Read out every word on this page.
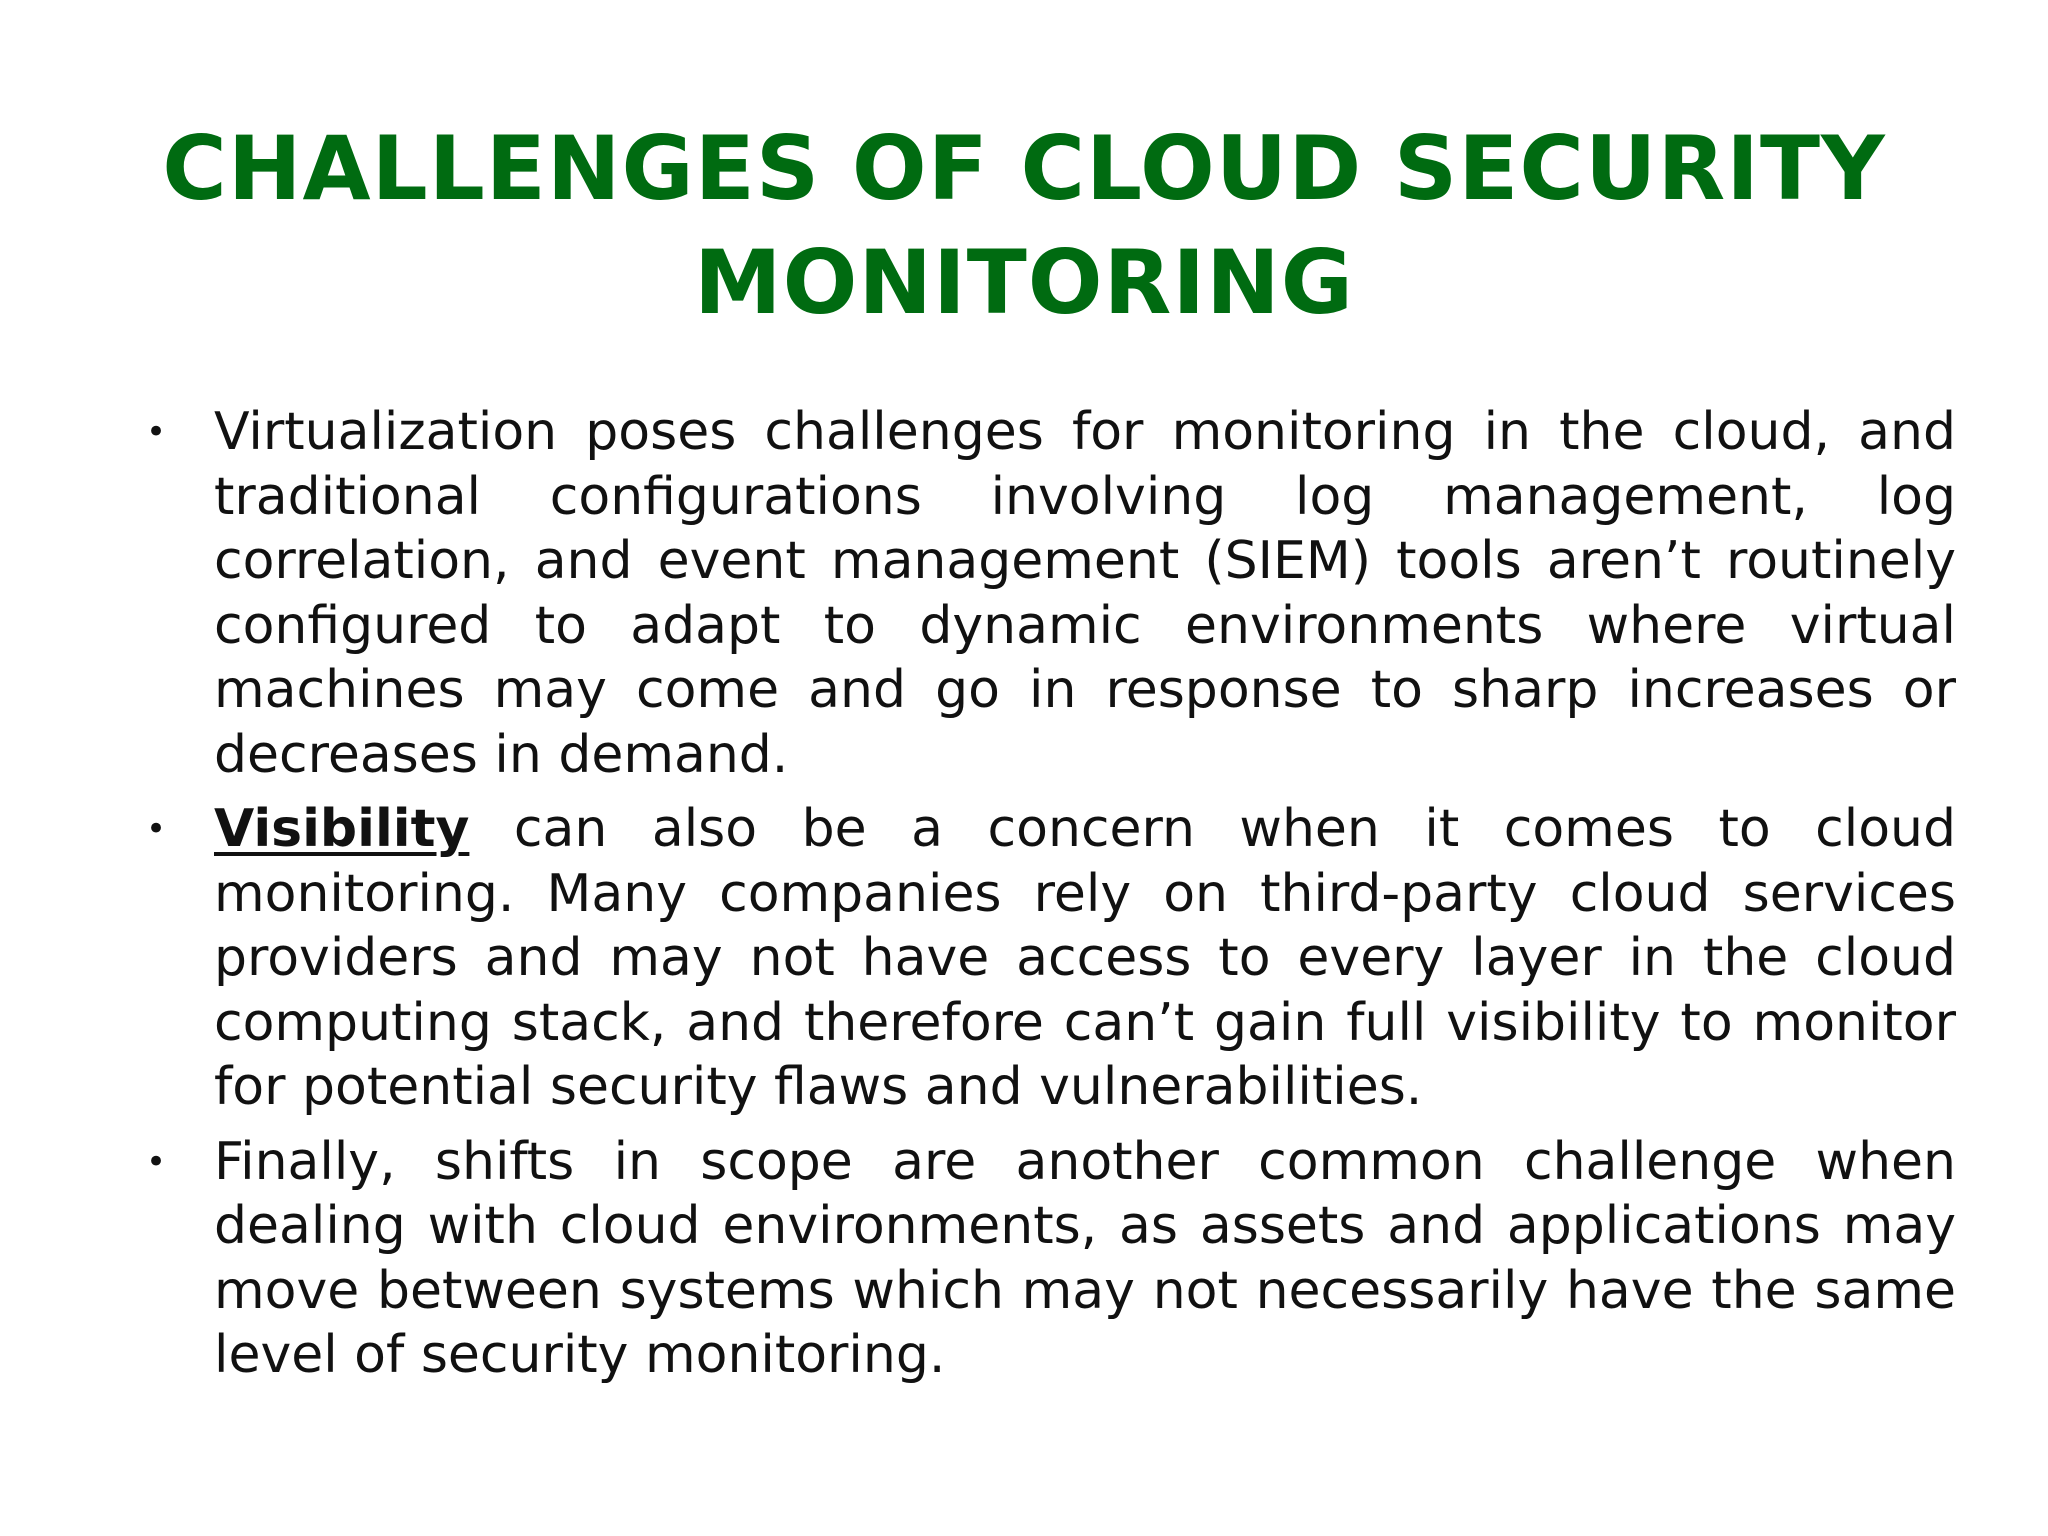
CHALLENGES OF CLOUD SECURITY
MONITORING
• Virtualization poses challenges for monitoring in the cloud, and traditional configurations involving log management, log correlation, and event management (SIEM) tools aren’t routinely configured to adapt to dynamic environments where virtual machines may come and go in response to sharp increases or decreases in demand.
• Visibility can also be a concern when it comes to cloud monitoring. Many companies rely on third-party cloud services providers and may not have access to every layer in the cloud computing stack, and therefore can’t gain full visibility to monitor for potential security flaws and vulnerabilities.
• Finally, shifts in scope are another common challenge when dealing with cloud environments, as assets and applications may move between systems which may not necessarily have the same level of security monitoring.
